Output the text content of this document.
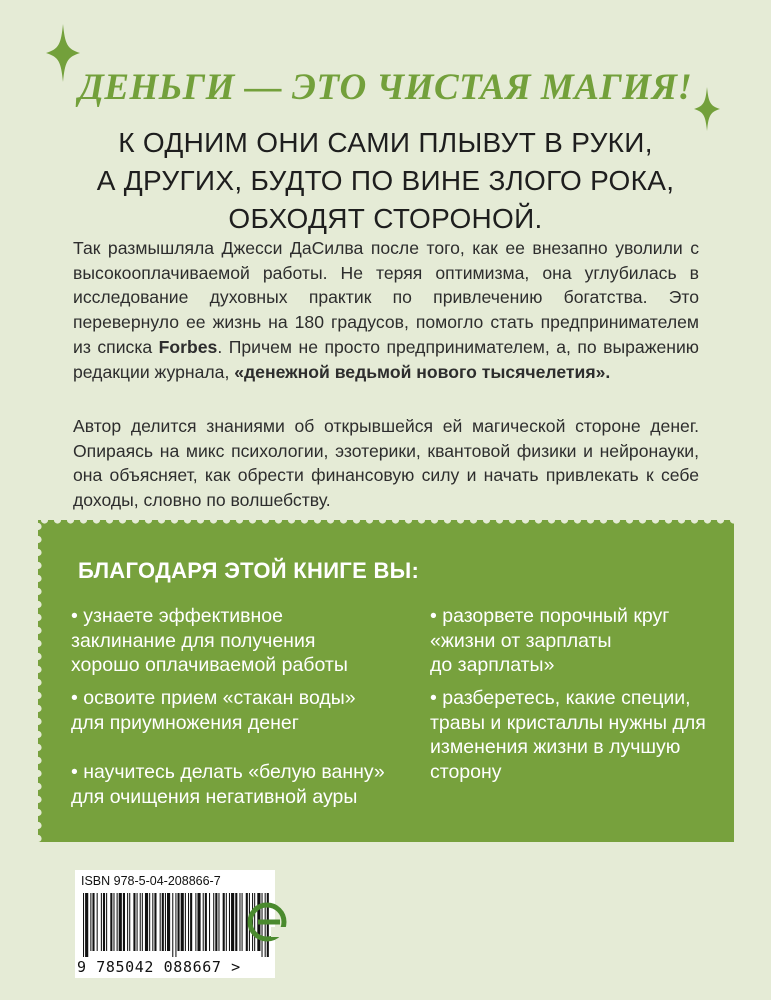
ДЕНЬГИ — ЭТО ЧИСТАЯ МАГИЯ!
К ОДНИМ ОНИ САМИ ПЛЫВУТ В РУКИ,
А ДРУГИХ, БУДТО ПО ВИНЕ ЗЛОГО РОКА,
ОБХОДЯТ СТОРОНОЙ.

Так размышляла Джесси ДаСилва после того, как ее внезапно уволили с высокооплачиваемой работы. Не теряя оптимизма, она углубилась в исследование духовных практик по привлечению богатства. Это перевернуло ее жизнь на 180 градусов, помогло стать предпринимателем из списка Forbes. Причем не просто предпринимателем, а, по выражению редакции журнала, «денежной ведьмой нового тысячелетия».

Автор делится знаниями об открывшейся ей магической стороне денег. Опираясь на микс психологии, эзотерики, квантовой физики и нейронауки, она объясняет, как обрести финансовую силу и начать привлекать к себе доходы, словно по волшебству.

БЛАГОДАРЯ ЭТОЙ КНИГЕ ВЫ:

• узнаете эффективное
заклинание для получения
хорошо оплачиваемой работы

• освоите прием «стакан воды»
для приумножения денег

• научитесь делать «белую ванну»
для очищения негативной ауры

• разорвете порочный круг
«жизни от зарплаты
до зарплаты»

• разберетесь, какие специи,
травы и кристаллы нужны для
изменения жизни в лучшую
сторону

ISBN 978-5-04-208866-7
9 785042 088667 >
